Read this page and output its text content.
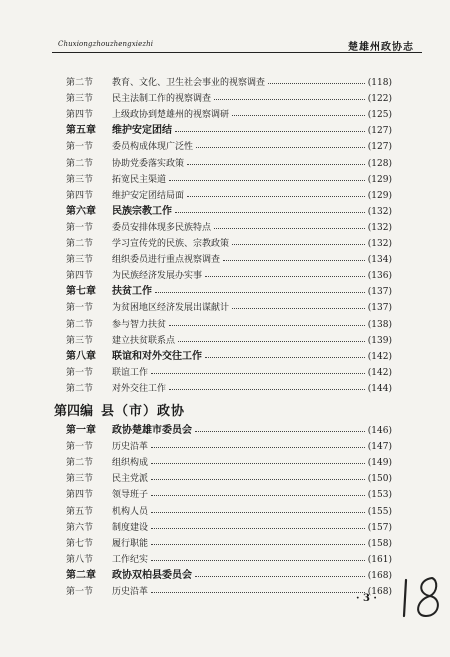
Chuxiongzhouzhengxiezhi	楚雄州政协志
第二节	教育、文化、卫生社会事业的视察调查	(118)
第三节	民主法制工作的视察调查	(122)
第四节	上级政协到楚雄州的视察调研	(125)
第五章	维护安定团结	(127)
第一节	委员构成体现广泛性	(127)
第二节	协助党委落实政策	(128)
第三节	拓宽民主渠道	(129)
第四节	维护安定团结局面	(129)
第六章	民族宗教工作	(132)
第一节	委员安排体现多民族特点	(132)
第二节	学习宣传党的民族、宗教政策	(132)
第三节	组织委员进行重点视察调查	(134)
第四节	为民族经济发展办实事	(136)
第七章	扶贫工作	(137)
第一节	为贫困地区经济发展出谋献计	(137)
第二节	参与智力扶贫	(138)
第三节	建立扶贫联系点	(139)
第八章	联谊和对外交往工作	(142)
第一节	联谊工作	(142)
第二节	对外交往工作	(144)
第四编 县（市）政协
第一章	政协楚雄市委员会	(146)
第一节	历史沿革	(147)
第二节	组织构成	(149)
第三节	民主党派	(150)
第四节	领导班子	(153)
第五节	机构人员	(155)
第六节	制度建设	(157)
第七节	履行职能	(158)
第八节	工作纪实	(161)
第二章	政协双柏县委员会	(168)
第一节	历史沿革	(168)
· 3 ·
